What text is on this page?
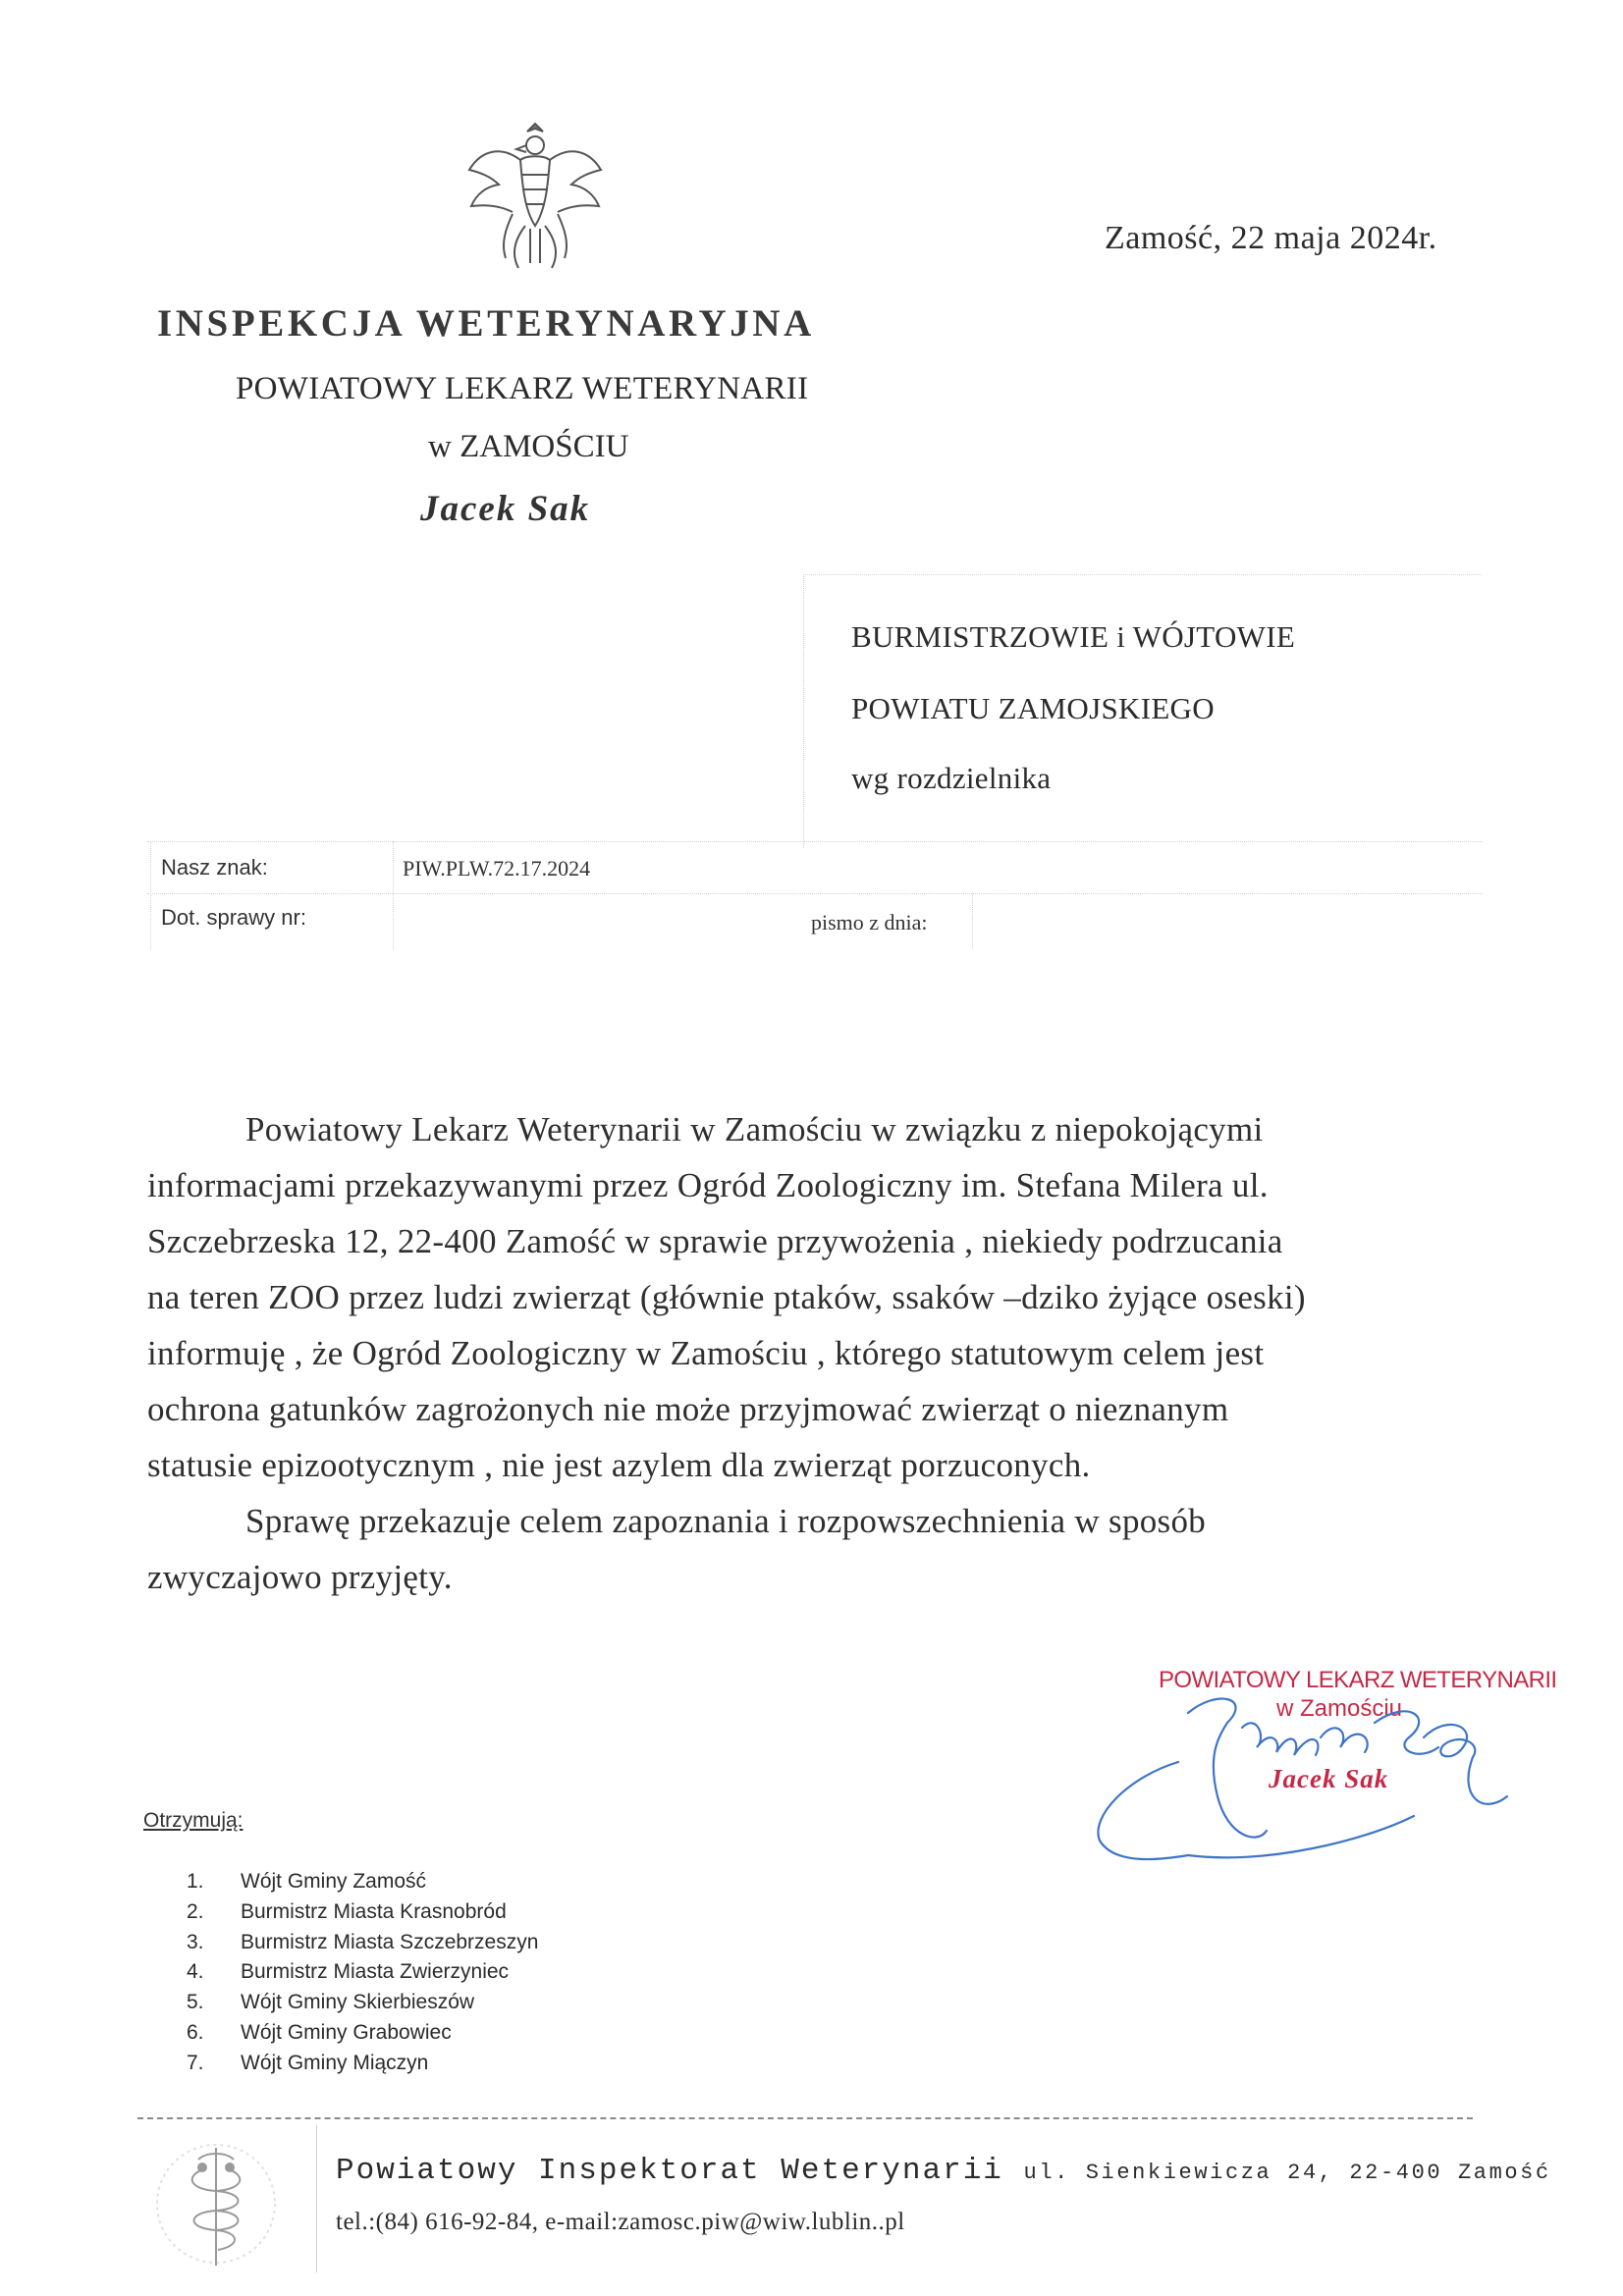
Zamość, 22 maja 2024r.
INSPEKCJA WETERYNARYJNA
POWIATOWY LEKARZ WETERYNARII
w ZAMOŚCIU
Jacek Sak
BURMISTRZOWIE i WÓJTOWIE
POWIATU ZAMOJSKIEGO
wg rozdzielnika
Nasz znak:	PIW.PLW.72.17.2024
Dot. sprawy nr:	pismo z dnia:
Powiatowy Lekarz Weterynarii w Zamościu w związku z niepokojącymi
informacjami przekazywanymi przez Ogród Zoologiczny im. Stefana Milera ul.
Szczebrzeska 12, 22-400 Zamość w sprawie przywożenia , niekiedy podrzucania
na teren ZOO przez ludzi zwierząt (głównie ptaków, ssaków –dziko żyjące oseski)
informuję , że Ogród Zoologiczny w Zamościu , którego statutowym celem jest
ochrona gatunków zagrożonych nie może przyjmować zwierząt o nieznanym
statusie epizootycznym , nie jest azylem dla zwierząt porzuconych.
Sprawę przekazuje celem zapoznania i rozpowszechnienia w sposób
zwyczajowo przyjęty.
POWIATOWY LEKARZ WETERYNARII
w Zamościu
Jacek Sak
Otrzymują:
1. Wójt Gminy Zamość
2. Burmistrz Miasta Krasnobród
3. Burmistrz Miasta Szczebrzeszyn
4. Burmistrz Miasta Zwierzyniec
5. Wójt Gminy Skierbieszów
6. Wójt Gminy Grabowiec
7. Wójt Gminy Miączyn
Powiatowy Inspektorat Weterynarii ul. Sienkiewicza 24, 22-400 Zamość
tel.:(84) 616-92-84, e-mail:zamosc.piw@wiw.lublin..pl
